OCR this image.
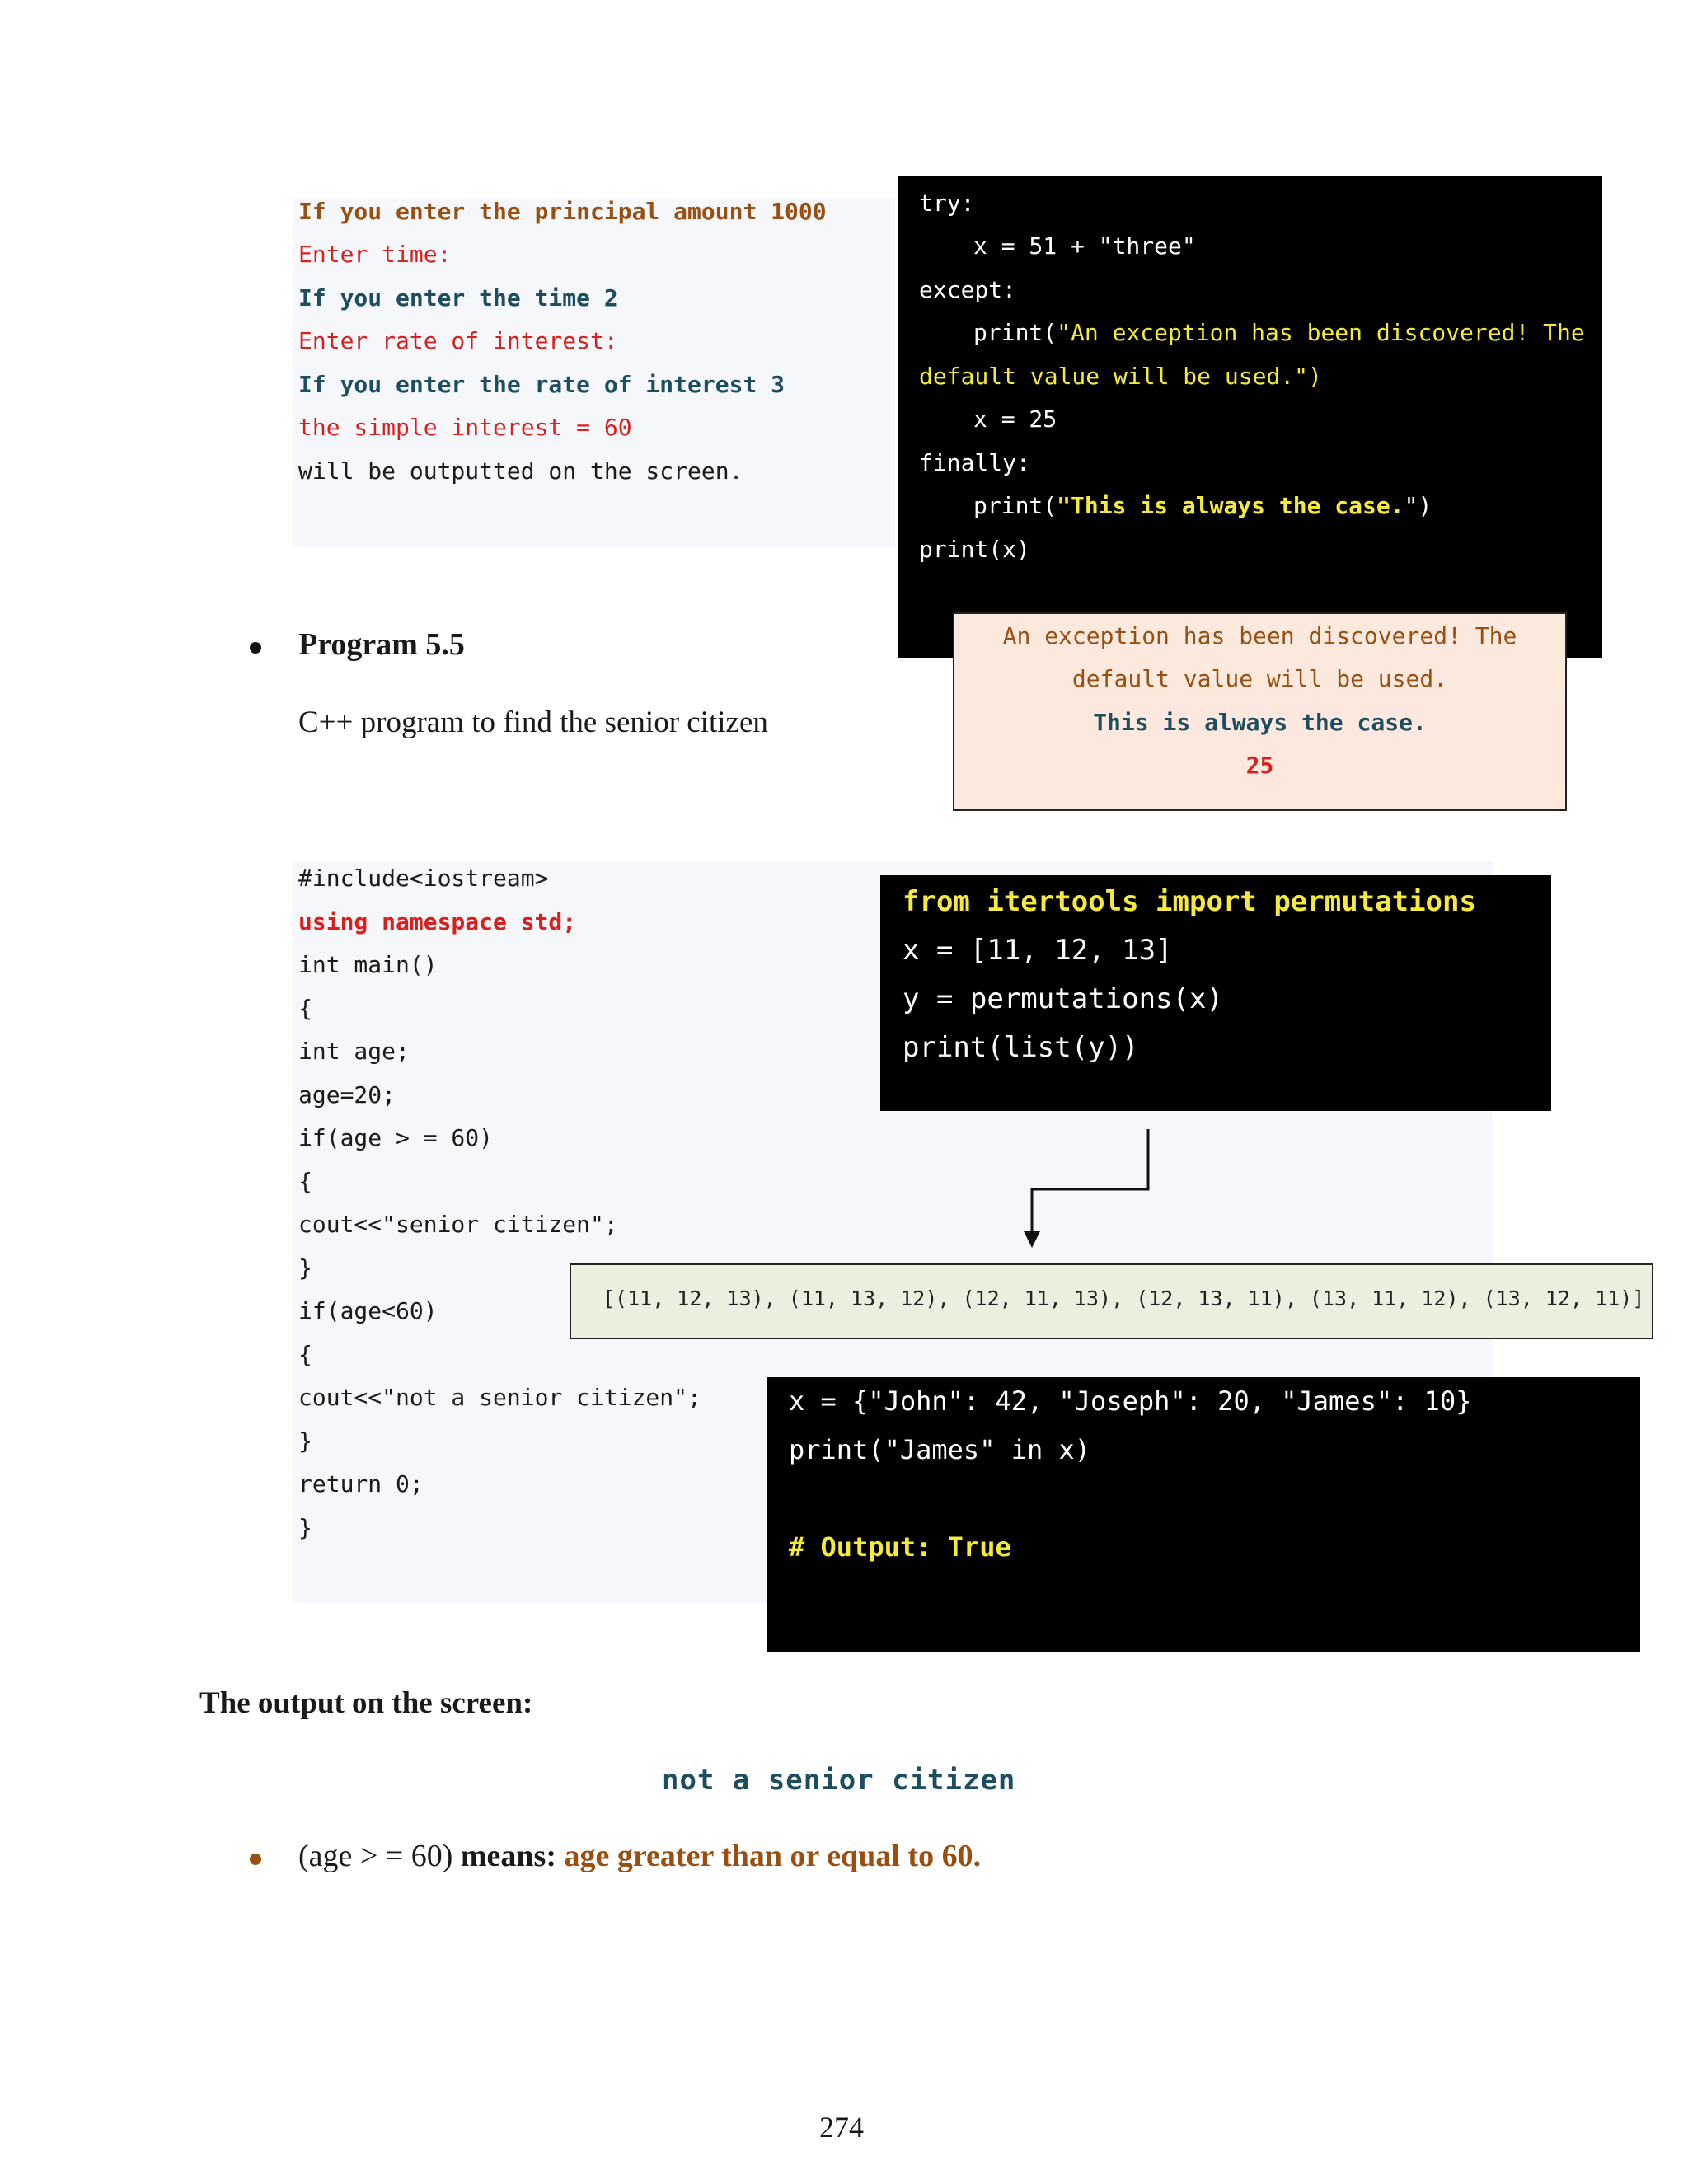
If you enter the principal amount 1000
Enter time:
If you enter the time 2
Enter rate of interest:
If you enter the rate of interest 3
the simple interest = 60
will be outputted on the screen.
try:
x = 51 + "three"
except:
print("An exception has been discovered! The
default value will be used.")
x = 25
finally:
print("This is always the case.")
print(x)
An exception has been discovered! The
default value will be used.
This is always the case.
25
Program 5.5
C++ program to find the senior citizen
#include<iostream>
using namespace std;
int main()
{
int age;
age=20;
if(age > = 60)
{
cout<<"senior citizen";
}
if(age<60)
{
cout<<"not a senior citizen";
}
return 0;
}
from itertools import permutations
x = [11, 12, 13]
y = permutations(x)
print(list(y))
[(11, 12, 13), (11, 13, 12), (12, 11, 13), (12, 13, 11), (13, 11, 12), (13, 12, 11)]
x = {"John": 42, "Joseph": 20, "James": 10}
print("James" in x)
# Output: True
The output on the screen:
not a senior citizen
(age > = 60) means: age greater than or equal to 60.
274
